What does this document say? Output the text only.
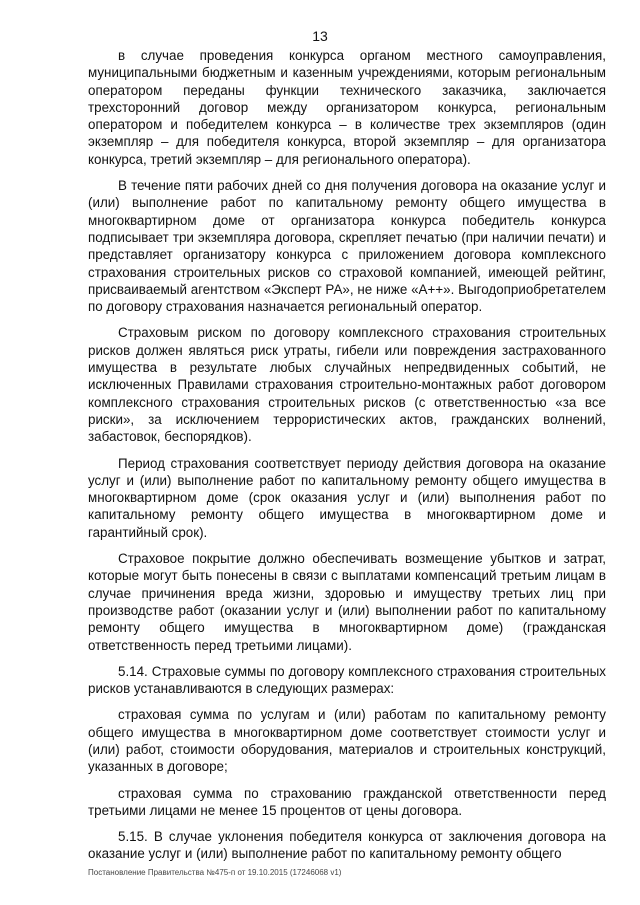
13

в случае проведения конкурса органом местного самоуправления, муниципальными бюджетным и казенным учреждениями, которым региональным оператором переданы функции технического заказчика, заключается трехсторонний договор между организатором конкурса, региональным оператором и победителем конкурса – в количестве трех экземпляров (один экземпляр – для победителя конкурса, второй экземпляр – для организатора конкурса, третий экземпляр – для регионального оператора).

В течение пяти рабочих дней со дня получения договора на оказание услуг и (или) выполнение работ по капитальному ремонту общего имущества в многоквартирном доме от организатора конкурса победитель конкурса подписывает три экземпляра договора, скрепляет печатью (при наличии печати) и представляет организатору конкурса с приложением договора комплексного страхования строительных рисков со страховой компанией, имеющей рейтинг, присваиваемый агентством «Эксперт РА», не ниже «А++». Выгодоприобретателем по договору страхования назначается региональный оператор.

Страховым риском по договору комплексного страхования строительных рисков должен являться риск утраты, гибели или повреждения застрахованного имущества в результате любых случайных непредвиденных событий, не исключенных Правилами страхования строительно-монтажных работ договором комплексного страхования строительных рисков (с ответственностью «за все риски», за исключением террористических актов, гражданских волнений, забастовок, беспорядков).

Период страхования соответствует периоду действия договора на оказание услуг и (или) выполнение работ по капитальному ремонту общего имущества в многоквартирном доме (срок оказания услуг и (или) выполнения работ по капитальному ремонту общего имущества в многоквартирном доме и гарантийный срок).

Страховое покрытие должно обеспечивать возмещение убытков и затрат, которые могут быть понесены в связи с выплатами компенсаций третьим лицам в случае причинения вреда жизни, здоровью и имуществу третьих лиц при производстве работ (оказании услуг и (или) выполнении работ по капитальному ремонту общего имущества в многоквартирном доме) (гражданская ответственность перед третьими лицами).

5.14. Страховые суммы по договору комплексного страхования строительных рисков устанавливаются в следующих размерах:

страховая сумма по услугам и (или) работам по капитальному ремонту общего имущества в многоквартирном доме соответствует стоимости услуг и (или) работ, стоимости оборудования, материалов и строительных конструкций, указанных в договоре;

страховая сумма по страхованию гражданской ответственности перед третьими лицами не менее 15 процентов от цены договора.

5.15. В случае уклонения победителя конкурса от заключения договора на оказание услуг и (или) выполнение работ по капитальному ремонту общего

Постановление Правительства №475-п от 19.10.2015 (17246068 v1)
